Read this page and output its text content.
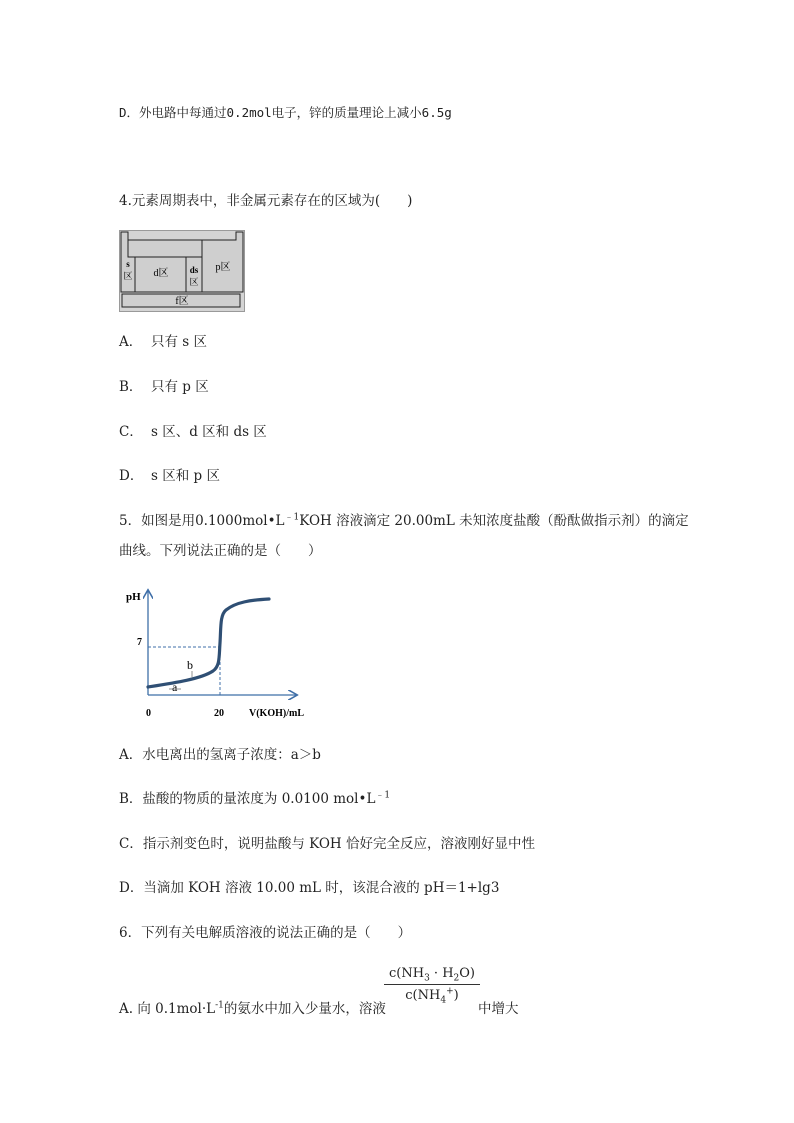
D．外电路中每通过0.2mol电子，锌的质量理论上减小6.5g
4.元素周期表中，非金属元素存在的区域为(　　)
s
区 d区 ds
区
p区
f区
A． 只有 s 区
B． 只有 p 区
C． s 区、d 区和 ds 区
D． s 区和 p 区
5．如图是用$0.1000mol•L^{﹣1}KOH$ 溶液滴定 20.00mL 未知浓度盐酸（酚酞做指示剂）的滴定
曲线。下列说法正确的是（　　）
pH
V(KOH)/mL
0	20
7
b
a
A．水电离出的氢离子浓度：a＞b
B．盐酸的物质的量浓度为 0.0100 $mol•L^{﹣1}$
C．指示剂变色时，说明盐酸与 KOH 恰好完全反应，溶液刚好显中性
D．当滴加 KOH 溶液 10.00 mL 时，该混合液的 pH＝1+lg3
6．下列有关电解质溶液的说法正确的是（　　）
A. 向 $0.1mol\cdot L^{-1}$的氨水中加入少量水，溶液
$\frac{c(NH_3 \cdot H_2O)}{c(NH_4^+)}$
中增大
